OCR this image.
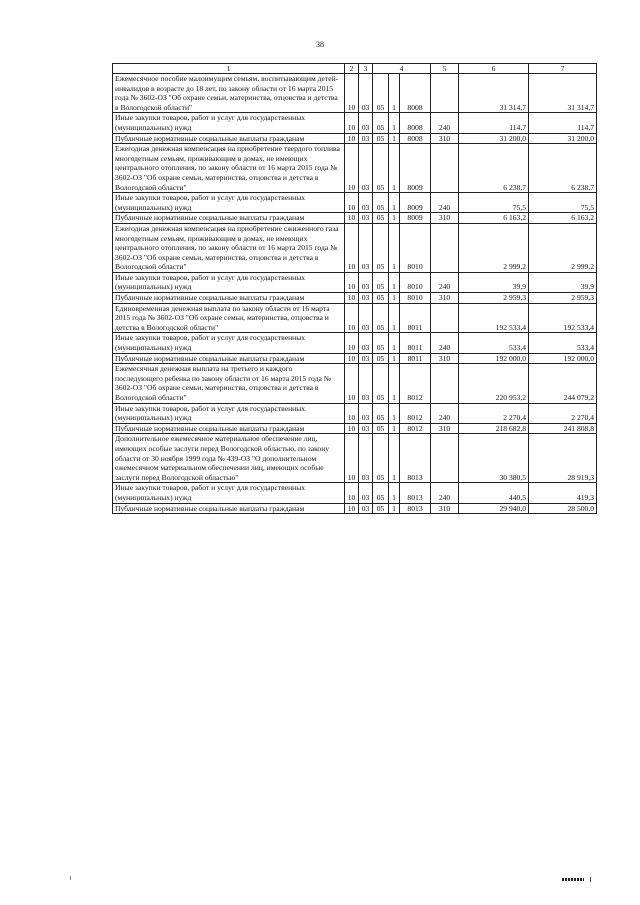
38
1	2	3	4			5	6	7
Ежемесячное пособие малоимущим семьям, воспитывающим детей-инвалидов в возрасте до 18 лет, по закону области от 16 марта 2015 года № 3602-ОЗ "Об охране семьи, материнства, отцовства и детства в Вологодской области"	10	03	05	1	8008		31 314,7	31 314,7
Иные закупки товаров, работ и услуг для государственных (муниципальных) нужд	10	03	05	1	8008	240	114,7	114,7
Публичные нормативные социальные выплаты гражданам	10	03	05	1	8008	310	31 200,0	31 200,0
Ежегодная денежная компенсация на приобретение твердого топлива многодетным семьям, проживающим в домах, не имеющих центрального отопления, по закону области от 16 марта 2015 года № 3602-ОЗ "Об охране семьи, материнства, отцовства и детства в Вологодской области"	10	03	05	1	8009		6 238,7	6 238,7
Иные закупки товаров, работ и услуг для государственных (муниципальных) нужд	10	03	05	1	8009	240	75,5	75,5
Публичные нормативные социальные выплаты гражданам	10	03	05	1	8009	310	6 163,2	6 163,2
Ежегодная денежная компенсация на приобретение сжиженного газа многодетным семьям, проживающим в домах, не имеющих центрального отопления, по закону области от 16 марта 2015 года № 3602-ОЗ "Об охране семьи, материнства, отцовства и детства в Вологодской области"	10	03	05	1	8010		2 999,2	2 999,2
Иные закупки товаров, работ и услуг для государственных (муниципальных) нужд	10	03	05	1	8010	240	39,9	39,9
Публичные нормативные социальные выплаты гражданам	10	03	05	1	8010	310	2 959,3	2 959,3
Единовременная денежная выплата по закону области от 16 марта 2015 года № 3602-ОЗ "Об охране семьи, материнства, отцовства и детства в Вологодской области"	10	03	05	1	8011		192 533,4	192 533,4
Иные закупки товаров, работ и услуг для государственных (муниципальных) нужд	10	03	05	1	8011	240	533,4	533,4
Публичные нормативные социальные выплаты гражданам	10	03	05	1	8011	310	192 000,0	192 000,0
Ежемесячная денежная выплата на третьего и каждого последующего ребенка по закону области от 16 марта 2015 года № 3602-ОЗ "Об охране семьи, материнства, отцовства и детства в Вологодской области"	10	03	05	1	8012		220 953,2	244 079,2
Иные закупки товаров, работ и услуг для государственных (муниципальных) нужд	10	03	05	1	8012	240	2 270,4	2 270,4
Публичные нормативные социальные выплаты гражданам	10	03	05	1	8012	310	218 682,8	241 808,8
Дополнительное ежемесячное материальное обеспечение лиц, имеющих особые заслуги перед Вологодской областью, по закону области от 30 ноября 1999 года № 439-ОЗ "О дополнительном ежемесячном материальном обеспечении лиц, имеющих особые заслуги перед Вологодской областью"	10	03	05	1	8013		30 380,5	28 919,3
Иные закупки товаров, работ и услуг для государственных (муниципальных) нужд	10	03	05	1	8013	240	440,5	419,3
Публичные нормативные социальные выплаты гражданам	10	03	05	1	8013	310	29 940,0	28 500,0
